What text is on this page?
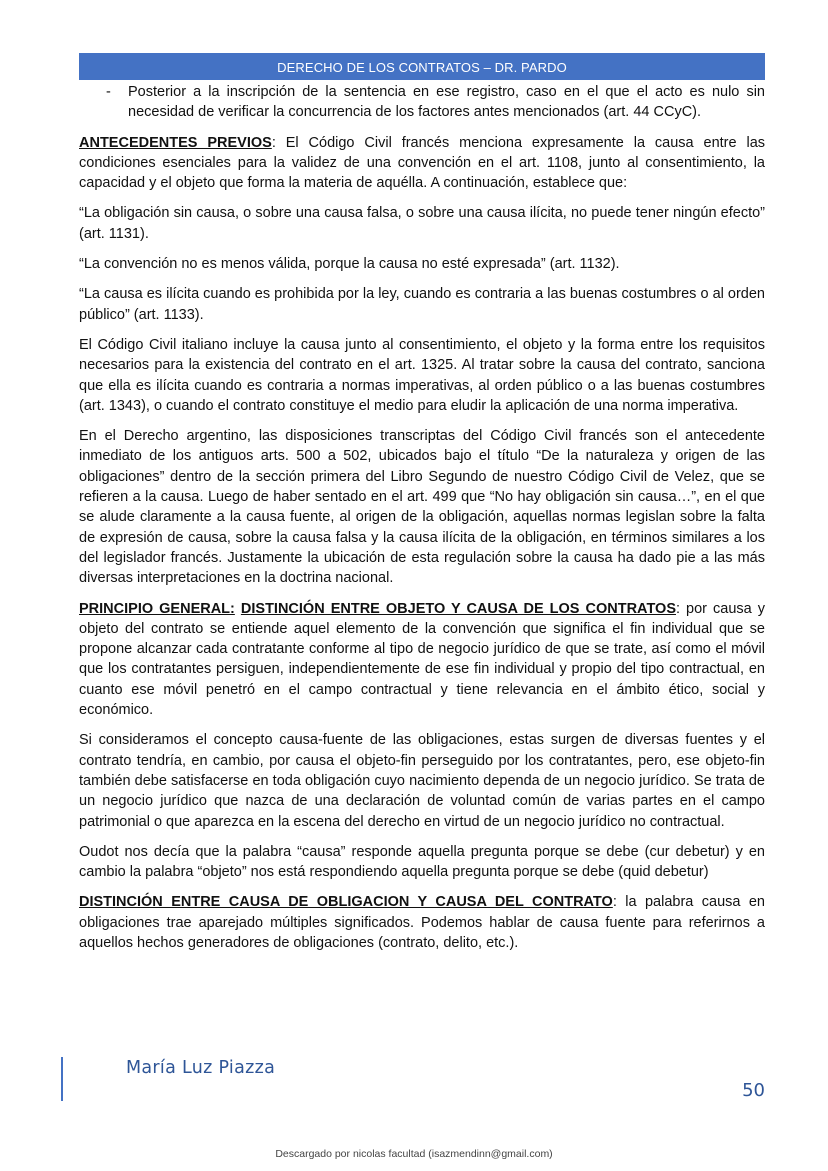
DERECHO DE LOS CONTRATOS – DR. PARDO
-	Posterior a la inscripción de la sentencia en ese registro, caso en el que el acto es nulo sin necesidad de verificar la concurrencia de los factores antes mencionados (art. 44 CCyC).

ANTECEDENTES PREVIOS: El Código Civil francés menciona expresamente la causa entre las condiciones esenciales para la validez de una convención en el art. 1108, junto al consentimiento, la capacidad y el objeto que forma la materia de aquélla. A continuación, establece que:

“La obligación sin causa, o sobre una causa falsa, o sobre una causa ilícita, no puede tener ningún efecto” (art. 1131).

“La convención no es menos válida, porque la causa no esté expresada” (art. 1132).

“La causa es ilícita cuando es prohibida por la ley, cuando es contraria a las buenas costumbres o al orden público” (art. 1133).

El Código Civil italiano incluye la causa junto al consentimiento, el objeto y la forma entre los requisitos necesarios para la existencia del contrato en el art. 1325. Al tratar sobre la causa del contrato, sanciona que ella es ilícita cuando es contraria a normas imperativas, al orden público o a las buenas costumbres (art. 1343), o cuando el contrato constituye el medio para eludir la aplicación de una norma imperativa.

En el Derecho argentino, las disposiciones transcriptas del Código Civil francés son el antecedente inmediato de los antiguos arts. 500 a 502, ubicados bajo el título “De la naturaleza y origen de las obligaciones” dentro de la sección primera del Libro Segundo de nuestro Código Civil de Velez, que se refieren a la causa. Luego de haber sentado en el art. 499 que “No hay obligación sin causa…”, en el que se alude claramente a la causa fuente, al origen de la obligación, aquellas normas legislan sobre la falta de expresión de causa, sobre la causa falsa y la causa ilícita de la obligación, en términos similares a los del legislador francés. Justamente la ubicación de esta regulación sobre la causa ha dado pie a las más diversas interpretaciones en la doctrina nacional.

PRINCIPIO GENERAL: DISTINCIÓN ENTRE OBJETO Y CAUSA DE LOS CONTRATOS: por causa y objeto del contrato se entiende aquel elemento de la convención que significa el fin individual que se propone alcanzar cada contratante conforme al tipo de negocio jurídico de que se trate, así como el móvil que los contratantes persiguen, independientemente de ese fin individual y propio del tipo contractual, en cuanto ese móvil penetró en el campo contractual y tiene relevancia en el ámbito ético, social y económico.

Si consideramos el concepto causa-fuente de las obligaciones, estas surgen de diversas fuentes y el contrato tendría, en cambio, por causa el objeto-fin perseguido por los contratantes, pero, ese objeto-fin también debe satisfacerse en toda obligación cuyo nacimiento dependa de un negocio jurídico. Se trata de un negocio jurídico que nazca de una declaración de voluntad común de varias partes en el campo patrimonial o que aparezca en la escena del derecho en virtud de un negocio jurídico no contractual.

Oudot nos decía que la palabra “causa” responde aquella pregunta porque se debe (cur debetur) y en cambio la palabra “objeto” nos está respondiendo aquella pregunta porque se debe (quid debetur)

DISTINCIÓN ENTRE CAUSA DE OBLIGACION Y CAUSA DEL CONTRATO: la palabra causa en obligaciones trae aparejado múltiples significados. Podemos hablar de causa fuente para referirnos a aquellos hechos generadores de obligaciones (contrato, delito, etc.).

María Luz Piazza
50
Descargado por nicolas facultad (isazmendinn@gmail.com)
